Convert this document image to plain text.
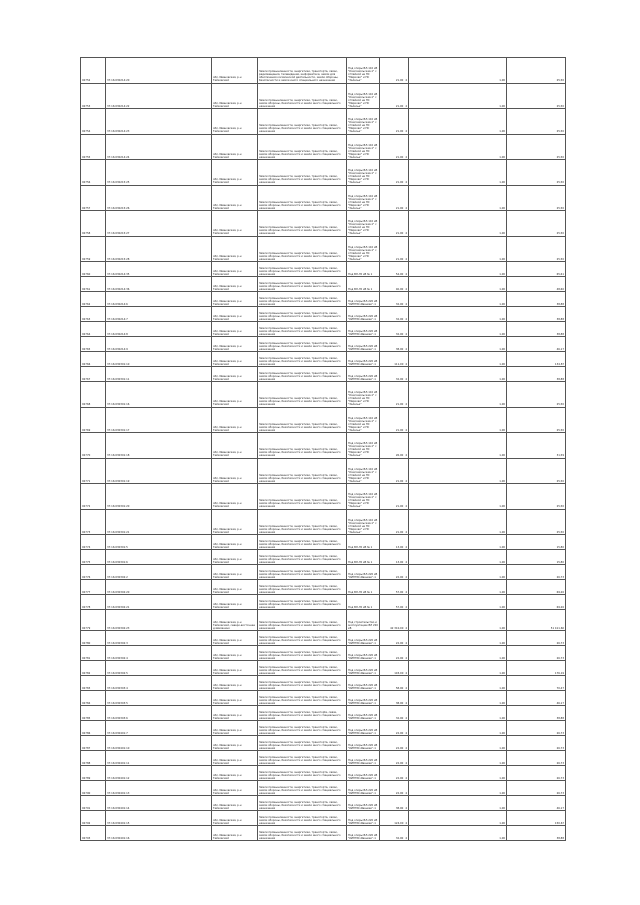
92752	37:16:030214:20	обл. Ивановская, р-н Тейковский	Земли промышленности, энергетики, транспорта, связи, радиовещания, телевидения, информатики, земли для обеспечения космической деятельности, земли обороны, безопасности и земли иного специального назначения	Под опоры ВЛ-110 кВ "Комсомольская-1" с отпайкой на ПС "Марково" и ПС "Залесье"	21,00 4	1,00	25,50
92753	37:16:030214:22	обл. Ивановская, р-н Тейковский	Земли промышленности, энергетики, транспорта, связи, земли обороны, безопасности и земли иного специального назначения	Под опоры ВЛ-110 кВ "Комсомольская-1" с отпайкой на ПС "Марково" и ПС "Залесье"	21,00 4	1,00	25,50
92754	37:16:030214:23	обл. Ивановская, р-н Тейковский	Земли промышленности, энергетики, транспорта, связи, земли обороны, безопасности и земли иного специального назначения	Под опоры ВЛ-110 кВ "Комсомольская-1" с отпайкой на ПС "Марково" и ПС "Залесье"	21,00 4	1,00	25,50
92755	37:16:030214:24	обл. Ивановская, р-н Тейковский	Земли промышленности, энергетики, транспорта, связи, земли обороны, безопасности и земли иного специального назначения	Под опоры ВЛ-110 кВ "Комсомольская-1" с отпайкой на ПС "Марково" и ПС "Залесье"	21,00 4	1,00	25,50
92756	37:16:030215:25	обл. Ивановская, р-н Тейковский	Земли промышленности, энергетики, транспорта, связи, земли обороны, безопасности и земли иного специального назначения	Под опоры ВЛ-110 кВ "Комсомольская-1" с отпайкой на ПС "Марково" и ПС "Залесье"	21,00 4	1,00	25,50
92757	37:16:030215:26	обл. Ивановская, р-н Тейковский	Земли промышленности, энергетики, транспорта, связи, земли обороны, безопасности и земли иного специального назначения	Под опоры ВЛ-110 кВ "Комсомольская-1" с отпайкой на ПС "Марково" и ПС "Залесье"	21,00 4	1,00	25,50
92758	37:16:030215:27	обл. Ивановская, р-н Тейковский	Земли промышленности, энергетики, транспорта, связи, земли обороны, безопасности и земли иного специального назначения	Под опоры ВЛ-110 кВ "Комсомольская-1" с отпайкой на ПС "Марково" и ПС "Залесье"	21,00 4	1,00	25,50
92759	37:16:030215:28	обл. Ивановская, р-н Тейковский	Земли промышленности, энергетики, транспорта, связи, земли обороны, безопасности и земли иного специального назначения	Под опоры ВЛ-110 кВ "Комсомольская-1" с отпайкой на ПС "Марково" и ПС "Залесье"	21,00 4	1,00	25,50
92760	37:16:030214:35	обл. Ивановская, р-н Тейковский	Земли промышленности, энергетики, транспорта, связи, земли обороны, безопасности и земли иного специального назначения	Под ВЛ-35 кВ № 1	54,00 4	1,00	65,61
92761	37:16:030214:36	обл. Ивановская, р-н Тейковский	Земли промышленности, энергетики, транспорта, связи, земли обороны, безопасности и земли иного специального назначения	Под ВЛ-35 кВ № 1	40,00 4	1,00	48,60
92762	37:16:030214:6	обл. Ивановская, р-н Тейковский	Земли промышленности, энергетики, транспорта, связи, земли обороны, безопасности и земли иного специального назначения	Под опоры ВЛ-220 кВ "КИГРЭС-Иваново"-1	32,00 4	1,00	38,88
92763	37:16:030214:7	обл. Ивановская, р-н Тейковский	Земли промышленности, энергетики, транспорта, связи, земли обороны, безопасности и земли иного специального назначения	Под опоры ВЛ-220 кВ "КИГРЭС-Иваново"-1	32,00 4	1,00	38,88
92764	37:16:030214:8	обл. Ивановская, р-н Тейковский	Земли промышленности, энергетики, транспорта, связи, земли обороны, безопасности и земли иного специального назначения	Под опоры ВЛ-220 кВ "КИГРЭС-Иваново"-1	32,00 4	1,00	38,88
92765	37:16:030214:9	обл. Ивановская, р-н Тейковский	Земли промышленности, энергетики, транспорта, связи, земли обороны, безопасности и земли иного специального назначения	Под опоры ВЛ-220 кВ "КИГРЭС-Иваново"-1	38,00 4	1,00	46,17
92766	37:16:030301:10	обл. Ивановская, р-н Тейковский	Земли промышленности, энергетики, транспорта, связи, земли обороны, безопасности и земли иного специального назначения	Под опоры ВЛ-220 кВ "КИГРЭС-Иваново"-1	111,00 4	1,00	134,87
92767	37:16:030301:11	обл. Ивановская, р-н Тейковский	Земли промышленности, энергетики, транспорта, связи, земли обороны, безопасности и земли иного специального назначения	Под опоры ВЛ-220 кВ "КИГРЭС-Иваново"-1	32,00 4	1,00	38,88
92768	37:16:030301:16	обл. Ивановская, р-н Тейковский	Земли промышленности, энергетики, транспорта, связи, земли обороны, безопасности и земли иного специального назначения	Под опоры ВЛ-110 кВ "Комсомольская-1" с отпайкой на ПС "Марково" и ПС "Залесье"	21,00 4	1,00	25,50
92769	37:16:030301:17	обл. Ивановская, р-н Тейковский	Земли промышленности, энергетики, транспорта, связи, земли обороны, безопасности и земли иного специального назначения	Под опоры ВЛ-110 кВ "Комсомольская-1" с отпайкой на ПС "Марково" и ПС "Залесье"	21,00 4	1,00	25,50
92770	37:16:030301:18	обл. Ивановская, р-н Тейковский	Земли промышленности, энергетики, транспорта, связи, земли обороны, безопасности и земли иного специального назначения	Под опоры ВЛ-110 кВ "Комсомольская-1" с отпайкой на ПС "Марково" и ПС "Залесье"	26,00 4	1,00	31,59
92771	37:16:030301:19	обл. Ивановская, р-н Тейковский	Земли промышленности, энергетики, транспорта, связи, земли обороны, безопасности и земли иного специального назначения	Под опоры ВЛ-110 кВ "Комсомольская-1" с отпайкой на ПС "Марково" и ПС "Залесье"	21,00 4	1,00	25,50
92772	37:16:030301:20	обл. Ивановская, р-н Тейковский	Земли промышленности, энергетики, транспорта, связи, земли обороны, безопасности и земли иного специального назначения	Под опоры ВЛ-110 кВ "Комсомольская-1" с отпайкой на ПС "Марково" и ПС "Залесье"	21,00 4	1,00	25,50
92773	37:16:030301:21	обл. Ивановская, р-н Тейковский	Земли промышленности, энергетики, транспорта, связи, земли обороны, безопасности и земли иного специального назначения	Под опоры ВЛ-110 кВ "Комсомольская-1" с отпайкой на ПС "Марково" и ПС "Залесье"	21,00 4	1,00	25,50
92774	37:16:030301:5	обл. Ивановская, р-н Тейковский	Земли промышленности, энергетики, транспорта, связи, земли обороны, безопасности и земли иного специального назначения	Под ВЛ-35 кВ № 1	13,00 4	1,00	15,80
92775	37:16:030301:6	обл. Ивановская, р-н Тейковский	Земли промышленности, энергетики, транспорта, связи, земли обороны, безопасности и земли иного специального назначения	Под ВЛ-35 кВ № 1	13,00 4	1,00	15,80
92776	37:16:030302:2	обл. Ивановская, р-н Тейковский	Земли промышленности, энергетики, транспорта, связи, земли обороны, безопасности и земли иного специального назначения	Под опоры ВЛ-220 кВ "КИГРЭС-Иваново"-1	22,00 4	1,00	26,73
92777	37:16:030302:20	обл. Ивановская, р-н Тейковский	Земли промышленности, энергетики, транспорта, связи, земли обороны, безопасности и земли иного специального назначения	Под ВЛ-35 кВ № 1	57,00 4	1,00	69,26
92778	37:16:030302:21	обл. Ивановская, р-н Тейковский	Земли промышленности, энергетики, транспорта, связи, земли обороны, безопасности и земли иного специального назначения	Под ВЛ-35 кВ № 1	57,00 4	1,00	69,26
92779	37:16:030302:23	обл. Ивановская, р-н Тейковский, северо-восточнее д.Шеланино	Земли промышленности, энергетики, транспорта, связи, земли обороны, безопасности и земли иного специального назначения	Под строительство и эксплуатацию ВЛ 220 кВ	42 310,00 4	1,00	51 411,60
92780	37:16:030302:3	обл. Ивановская, р-н Тейковский	Земли промышленности, энергетики, транспорта, связи, земли обороны, безопасности и земли иного специального назначения	Под опоры ВЛ-220 кВ "КИГРЭС-Иваново"-1	22,00 4	1,00	26,73
92781	37:16:030302:4	обл. Ивановская, р-н Тейковский	Земли промышленности, энергетики, транспорта, связи, земли обороны, безопасности и земли иного специального назначения	Под опоры ВЛ-220 кВ "КИГРЭС-Иваново"-1	22,00 4	1,00	26,73
92782	37:16:030302:5	обл. Ивановская, р-н Тейковский	Земли промышленности, энергетики, транспорта, связи, земли обороны, безопасности и земли иного специального назначения	Под опоры ВЛ-220 кВ "КИГРЭС-Иваново"-1	145,00 4	1,00	176,19
92783	37:16:030303:4	обл. Ивановская, р-н Тейковский	Земли промышленности, энергетики, транспорта, связи, земли обороны, безопасности и земли иного специального назначения	Под опоры ВЛ-220 кВ "КИГРЭС-Иваново"-1	58,00 4	1,00	70,47
92784	37:16:030303:5	обл. Ивановская, р-н Тейковский	Земли промышленности, энергетики, транспорта, связи, земли обороны, безопасности и земли иного специального назначения	Под опоры ВЛ-220 кВ "КИГРЭС-Иваново"-1	38,00 4	1,00	46,17
92785	37:16:030303:6	обл. Ивановская, р-н Тейковский	Земли промышленности, энергетики, транспорta, связи, земли обороны, безопасности и земли иного специального назначения	Под опоры ВЛ-220 кВ "КИГРЭС-Иваново"-1	32,00 4	1,00	38,88
92786	37:16:030401:7	обл. Ивановская, р-н Тейковский	Земли промышленности, энергетики, транспорта, связи, земли обороны, безопасности и земли иного специального назначения	Под опоры ВЛ-220 кВ "КИГРЭС-Иваново"-1	22,00 4	1,00	26,73
92787	37:16:030401:10	обл. Ивановская, р-н Тейковский	Земли промышленности, энергетики, транспорта, связи, земли обороны, безопасности и земли иного специального назначения	Под опоры ВЛ-220 кВ "КИГРЭС-Иваново"-1	22,00 4	1,00	26,73
92788	37:16:030401:11	обл. Ивановская, р-н Тейковский	Земли промышленности, энергетики, транспорта, связи, земли обороны, безопасности и земли иного специального назначения	Под опоры ВЛ-220 кВ "КИГРЭС-Иваново"-1	22,00 4	1,00	26,73
92789	37:16:030401:12	обл. Ивановская, р-н Тейковский	Земли промышленности, энергетики, транспорта, связи, земли обороны, безопасности и земли иного специального назначения	Под опоры ВЛ-220 кВ "КИГРЭС-Иваново"-1	22,00 4	1,00	26,73
92790	37:16:030401:13	обл. Ивановская, р-н Тейковский	Земли промышленности, энергетики, транспорта, связи, земли обороны, безопасности и земли иного специального назначения	Под опоры ВЛ-220 кВ "КИГРЭС-Иваново"-1	22,00 4	1,00	26,73
92791	37:16:030401:14	обл. Ивановская, р-н Тейковский	Земли промышленности, энергетики, транспорта, связи, земли обороны, безопасности и земли иного специального назначения	Под опоры ВЛ-220 кВ "КИГРЭС-Иваново"-1	38,00 4	1,00	46,17
92792	37:16:030401:15	обл. Ивановская, р-н Тейковский	Земли промышленности, энергетики, транспорта, связи, земли обороны, безопасности и земли иного специального назначения	Под опоры ВЛ-220 кВ "КИГРЭС-Иваново"-1	124,00 4	1,00	150,67
92793	37:16:030401:16	обл. Ивановская, р-н Тейковский	Земли промышленности, энергетики, транспорта, связи, земли обороны, безопасности и земли иного специального назначения	Под опоры ВЛ-220 кВ "КИГРЭС-Иваново"-1	32,00 4	1,00	38,88
